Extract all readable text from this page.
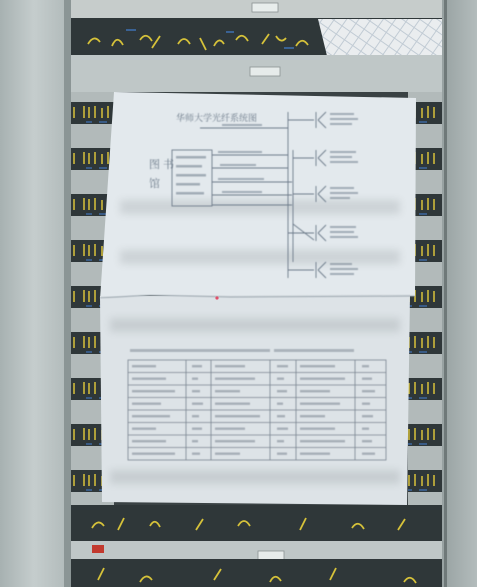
华师大学光纤系统图
图书馆
